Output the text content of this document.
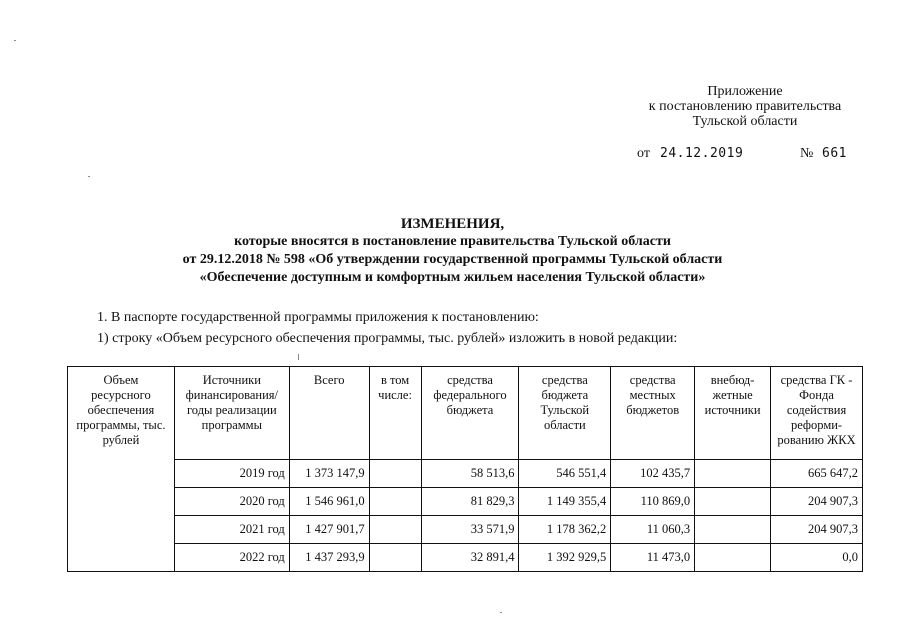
Приложение
к постановлению правительства
Тульской области
от 24.12.2019	№ 661
ИЗМЕНЕНИЯ,
которые вносятся в постановление правительства Тульской области
от 29.12.2018 № 598 «Об утверждении государственной программы Тульской области
«Обеспечение доступным и комфортным жильем населения Тульской области»
1. В паспорте государственной программы приложения к постановлению:
1) строку «Объем ресурсного обеспечения программы, тыс. рублей» изложить в новой редакции:
Объем ресурсного обеспечения программы, тыс. рублей	Источники финансирования/ годы реализации программы	Всего	в том числе:	средства федерального бюджета	средства бюджета Тульской области	средства местных бюджетов	внебюд-жетные источники	средства ГК - Фонда содействия реформи-рованию ЖКХ
	2019 год	1 373 147,9		58 513,6	546 551,4	102 435,7		665 647,2
	2020 год	1 546 961,0		81 829,3	1 149 355,4	110 869,0		204 907,3
	2021 год	1 427 901,7		33 571,9	1 178 362,2	11 060,3		204 907,3
	2022 год	1 437 293,9		32 891,4	1 392 929,5	11 473,0		0,0
